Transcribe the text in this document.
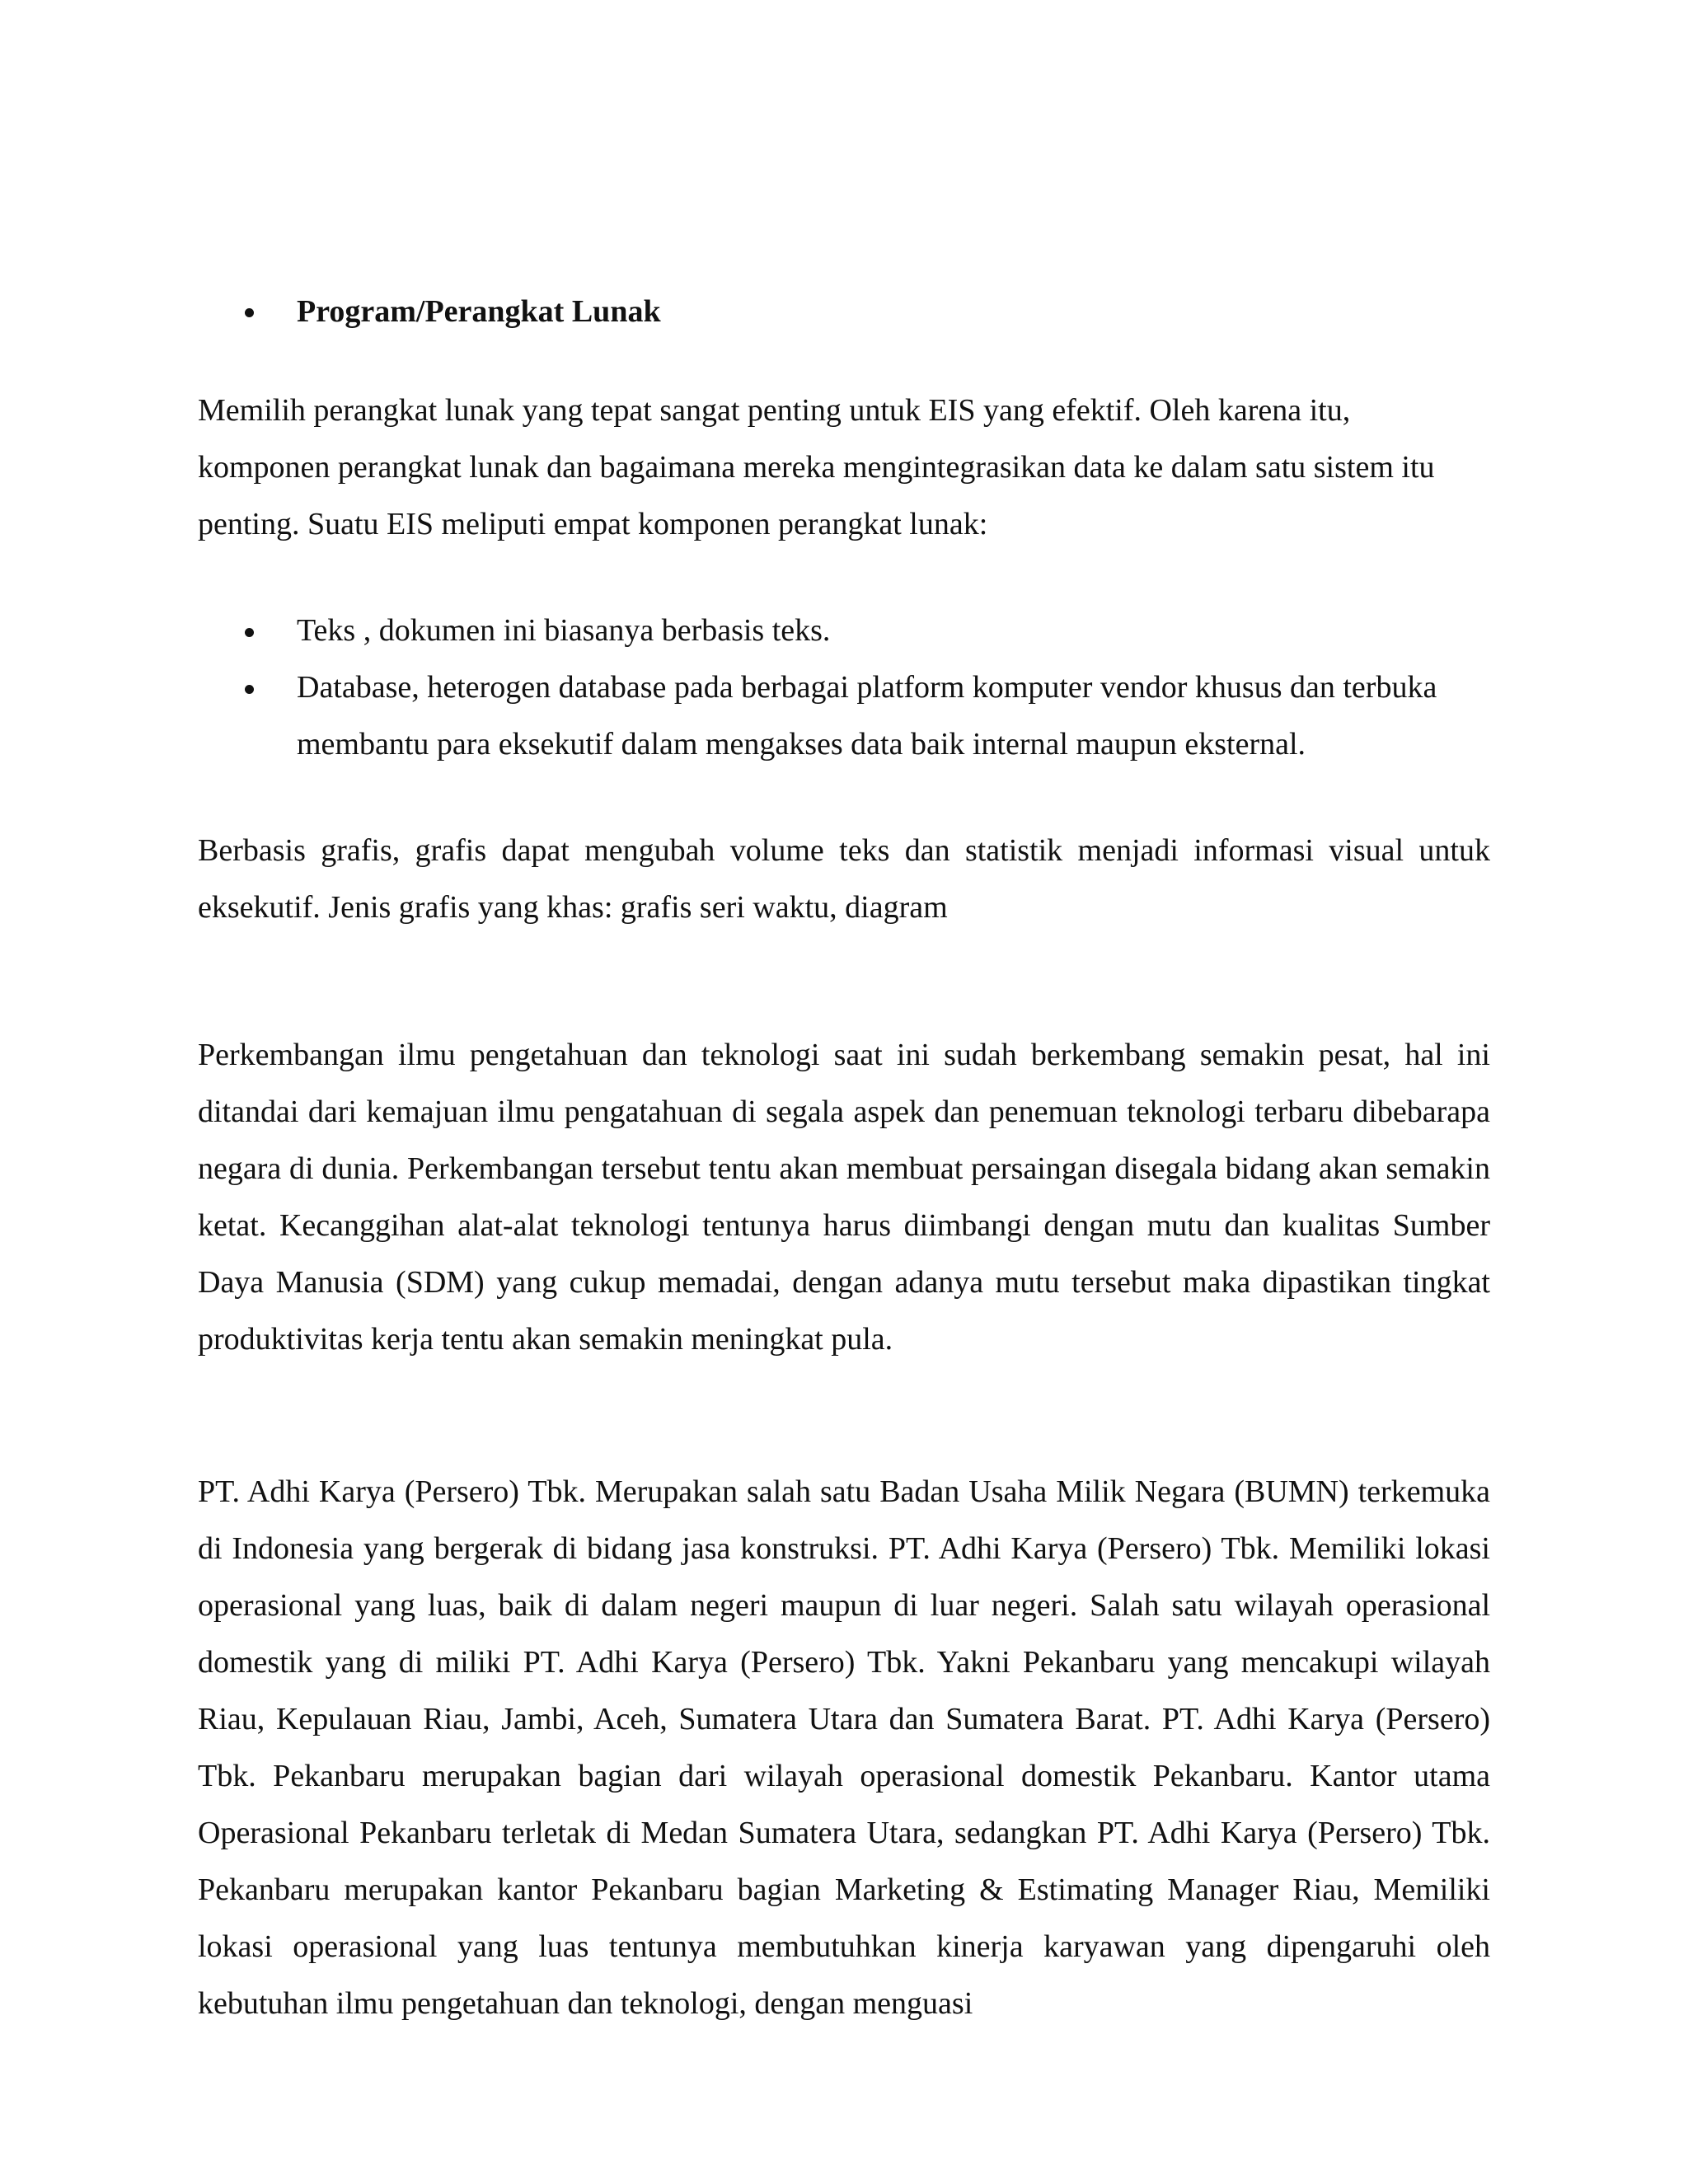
Program/Perangkat Lunak

Memilih perangkat lunak yang tepat sangat penting untuk EIS yang efektif. Oleh karena itu, komponen perangkat lunak dan bagaimana mereka mengintegrasikan data ke dalam satu sistem itu penting. Suatu EIS meliputi empat komponen perangkat lunak:

Teks , dokumen ini biasanya berbasis teks.
Database, heterogen database pada berbagai platform komputer vendor khusus dan terbuka membantu para eksekutif dalam mengakses data baik internal maupun eksternal.

Berbasis grafis, grafis dapat mengubah volume teks dan statistik menjadi informasi visual untuk eksekutif. Jenis grafis yang khas: grafis seri waktu, diagram

Perkembangan ilmu pengetahuan dan teknologi saat ini sudah berkembang semakin pesat, hal ini ditandai dari kemajuan ilmu pengatahuan di segala aspek dan penemuan teknologi terbaru dibebarapa negara di dunia. Perkembangan tersebut tentu akan membuat persaingan disegala bidang akan semakin ketat. Kecanggihan alat-alat teknologi tentunya harus diimbangi dengan mutu dan kualitas Sumber Daya Manusia (SDM) yang cukup memadai, dengan adanya mutu tersebut maka dipastikan tingkat produktivitas kerja tentu akan semakin meningkat pula.

PT. Adhi Karya (Persero) Tbk. Merupakan salah satu Badan Usaha Milik Negara (BUMN) terkemuka di Indonesia yang bergerak di bidang jasa konstruksi. PT. Adhi Karya (Persero) Tbk. Memiliki lokasi operasional yang luas, baik di dalam negeri maupun di luar negeri. Salah satu wilayah operasional domestik yang di miliki PT. Adhi Karya (Persero) Tbk. Yakni Pekanbaru yang mencakupi wilayah Riau, Kepulauan Riau, Jambi, Aceh, Sumatera Utara dan Sumatera Barat. PT. Adhi Karya (Persero) Tbk. Pekanbaru merupakan bagian dari wilayah operasional domestik Pekanbaru. Kantor utama Operasional Pekanbaru terletak di Medan Sumatera Utara, sedangkan PT. Adhi Karya (Persero) Tbk. Pekanbaru merupakan kantor Pekanbaru bagian Marketing & Estimating Manager Riau, Memiliki lokasi operasional yang luas tentunya membutuhkan kinerja karyawan yang dipengaruhi oleh kebutuhan ilmu pengetahuan dan teknologi, dengan menguasi
